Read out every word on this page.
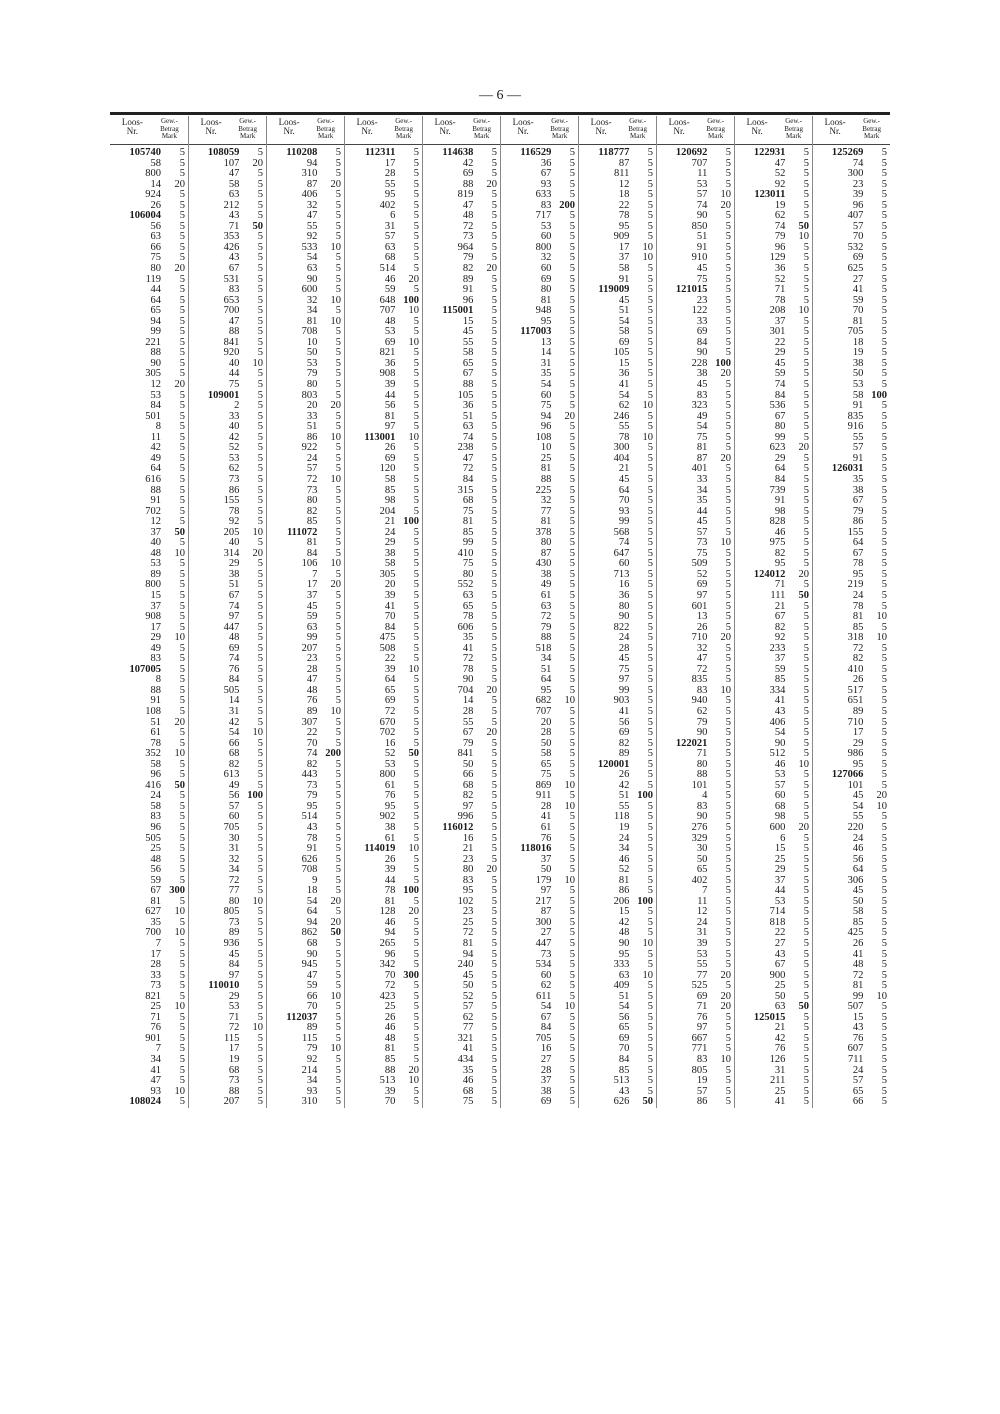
— 6 —
Loos-
Nr.
Gew.-
Betrag
Mark
105740	5
58	5
800	5
14	20
924	5
26	5
106004	5
56	5
63	5
66	5
75	5
80	20
119	5
44	5
64	5
65	5
94	5
99	5
221	5
88	5
90	5
305	5
12	20
53	5
84	5
501	5
8	5
11	5
42	5
49	5
64	5
616	5
88	5
91	5
702	5
12	5
37	50
40	5
48	10
53	5
89	5
800	5
15	5
37	5
908	5
17	5
29	10
49	5
83	5
107005	5
8	5
88	5
91	5
108	5
51	20
61	5
78	5
352	10
58	5
96	5
416	50
24	5
58	5
83	5
96	5
505	5
25	5
48	5
56	5
59	5
67 300
81	5
627	10
35	5
700	10
7	5
17	5
28	5
33	5
73	5
821	5
25	10
71	5
76	5
901	5
7	5
34	5
41	5
47	5
93	10
108024	5
Loos-
Nr.
Gew.-
Betrag
Mark
108059	5
107	20
47	5
58	5
63	5
212	5
43	5
71	50
353	5
426	5
43	5
67	5
531	5
83	5
653	5
700	5
47	5
88	5
841	5
920	5
40	10
44	5
75	5
109001	5
2	5
33	5
40	5
42	5
52	5
53	5
62	5
73	5
86	5
155	5
78	5
92	5
205	10
40	5
314	20
29	5
38	5
51	5
67	5
74	5
97	5
447	5
48	5
69	5
74	5
76	5
84	5
505	5
14	5
31	5
42	5
54	10
66	5
68	5
82	5
613	5
49	5
56 100
57	5
60	5
705	5
30	5
31	5
32	5
34	5
72	5
77	5
80	10
805	5
73	5
89	5
936	5
45	5
84	5
97	5
110010	5
29	5
53	5
71	5
72	10
115	5
17	5
19	5
68	5
73	5
88	5
207	5
Loos-
Nr.
Gew.-
Betrag
Mark
110208	5
94	5
310	5
87	20
406	5
32	5
47	5
55	5
92	5
533	10
54	5
63	5
90	5
600	5
32	10
34	5
81	10
708	5
10	5
50	5
53	5
79	5
80	5
803	5
20	20
33	5
51	5
86	10
922	5
24	5
57	5
72	10
73	5
80	5
82	5
85	5
111072	5
81	5
84	5
106	10
7	5
17	20
37	5
45	5
59	5
63	5
99	5
207	5
23	5
28	5
47	5
48	5
76	5
89	10
307	5
22	5
70	5
74 200
82	5
443	5
73	5
79	5
95	5
514	5
43	5
78	5
91	5
626	5
708	5
9	5
18	5
54	20
64	5
94	20
862	50
68	5
90	5
945	5
47	5
59	5
66	10
70	5
112037	5
89	5
115	5
79	10
92	5
214	5
34	5
93	5
310	5
Loos-
Nr.
Gew.-
Betrag
Mark
112311	5
17	5
28	5
55	5
95	5
402	5
6	5
31	5
57	5
63	5
68	5
514	5
46	20
59	5
648 100
707	10
48	5
53	5
69	10
821	5
36	5
908	5
39	5
44	5
56	5
81	5
97	5
113001	10
26	5
69	5
120	5
58	5
85	5
98	5
204	5
21 100
24	5
29	5
38	5
58	5
305	5
20	5
39	5
41	5
70	5
84	5
475	5
508	5
22	5
39	10
64	5
65	5
69	5
72	5
670	5
702	5
16	5
52	50
53	5
800	5
61	5
76	5
95	5
902	5
38	5
61	5
114019	10
26	5
39	5
44	5
78 100
81	5
128	20
46	5
94	5
265	5
96	5
342	5
70 300
72	5
423	5
25	5
26	5
46	5
48	5
81	5
85	5
88	20
513	10
39	5
70	5
Loos-
Nr.
Gew.-
Betrag
Mark
114638	5
42	5
69	5
88	20
819	5
47	5
48	5
72	5
73	5
964	5
79	5
82	20
89	5
91	5
96	5
115001	5
15	5
45	5
55	5
58	5
65	5
67	5
88	5
105	5
36	5
51	5
63	5
74	5
238	5
47	5
72	5
84	5
315	5
68	5
75	5
81	5
85	5
99	5
410	5
75	5
80	5
552	5
63	5
65	5
78	5
606	5
35	5
41	5
72	5
78	5
90	5
704	20
14	5
28	5
55	5
67	20
79	5
841	5
50	5
66	5
68	5
82	5
97	5
996	5
116012	5
16	5
21	5
23	5
80	20
83	5
95	5
102	5
23	5
25	5
72	5
81	5
94	5
240	5
45	5
50	5
52	5
57	5
62	5
77	5
321	5
41	5
434	5
35	5
46	5
68	5
75	5
Loos-
Nr.
Gew.-
Betrag
Mark
116529	5
36	5
67	5
93	5
633	5
83 200
717	5
53	5
60	5
800	5
32	5
60	5
69	5
80	5
81	5
948	5
95	5
117003	5
13	5
14	5
31	5
35	5
54	5
60	5
75	5
94	20
96	5
108	5
10	5
25	5
81	5
88	5
225	5
32	5
77	5
81	5
378	5
80	5
87	5
430	5
38	5
49	5
61	5
63	5
72	5
79	5
88	5
518	5
34	5
51	5
64	5
95	5
682	10
707	5
20	5
28	5
50	5
58	5
65	5
75	5
869	10
911	5
28	10
41	5
61	5
76	5
118016	5
37	5
50	5
179	10
97	5
217	5
87	5
300	5
27	5
447	5
73	5
534	5
60	5
62	5
611	5
54	10
67	5
84	5
705	5
16	5
27	5
28	5
37	5
38	5
69	5
Loos-
Nr.
Gew.-
Betrag
Mark
118777	5
87	5
811	5
12	5
18	5
22	5
78	5
95	5
909	5
17	10
37	10
58	5
91	5
119009	5
45	5
51	5
54	5
58	5
69	5
105	5
15	5
36	5
41	5
54	5
62	10
246	5
55	5
78	10
300	5
404	5
21	5
45	5
64	5
70	5
93	5
99	5
568	5
74	5
647	5
60	5
713	5
16	5
36	5
80	5
90	5
822	5
24	5
28	5
45	5
75	5
97	5
99	5
903	5
41	5
56	5
69	5
82	5
89	5
120001	5
26	5
42	5
51 100
55	5
118	5
19	5
24	5
34	5
46	5
52	5
81	5
86	5
206 100
15	5
42	5
48	5
90	10
95	5
333	5
63	10
409	5
51	5
54	5
56	5
65	5
69	5
70	5
84	5
85	5
513	5
43	5
626	50
Loos-
Nr.
Gew.-
Betrag
Mark
120692	5
707	5
11	5
53	5
57	10
74	20
90	5
850	5
51	5
91	5
910	5
45	5
75	5
121015	5
23	5
122	5
33	5
69	5
84	5
90	5
228 100
38	20
45	5
83	5
323	5
49	5
54	5
75	5
81	5
87	20
401	5
33	5
34	5
35	5
44	5
45	5
57	5
73	10
75	5
509	5
52	5
69	5
97	5
601	5
13	5
26	5
710	20
32	5
47	5
72	5
835	5
83	10
940	5
62	5
79	5
90	5
122021	5
71	5
80	5
88	5
101	5
4	5
83	5
90	5
276	5
329	5
30	5
50	5
65	5
402	5
7	5
11	5
12	5
24	5
31	5
39	5
53	5
55	5
77	20
525	5
69	20
71	20
76	5
97	5
667	5
771	5
83	10
805	5
19	5
57	5
86	5
Loos-
Nr.
Gew.-
Betrag
Mark
122931	5
47	5
52	5
92	5
123011	5
19	5
62	5
74	50
79	10
96	5
129	5
36	5
52	5
71	5
78	5
208	10
37	5
301	5
22	5
29	5
45	5
59	5
74	5
84	5
536	5
67	5
80	5
99	5
623	20
29	5
64	5
84	5
739	5
91	5
98	5
828	5
46	5
975	5
82	5
95	5
124012	20
71	5
111	50
21	5
67	5
82	5
92	5
233	5
37	5
59	5
85	5
334	5
41	5
43	5
406	5
54	5
90	5
512	5
46	10
53	5
57	5
60	5
68	5
98	5
600	20
6	5
15	5
25	5
29	5
37	5
44	5
53	5
714	5
818	5
22	5
27	5
43	5
67	5
900	5
25	5
50	5
63	50
125015	5
21	5
42	5
76	5
126	5
31	5
211	5
25	5
41	5
Loos-
Nr.
Gew.-
Betrag
Mark
125269	5
74	5
300	5
23	5
39	5
96	5
407	5
57	5
70	5
532	5
69	5
625	5
27	5
41	5
59	5
70	5
81	5
705	5
18	5
19	5
38	5
50	5
53	5
58 100
91	5
835	5
916	5
55	5
57	5
91	5
126031	5
35	5
38	5
67	5
79	5
86	5
155	5
64	5
67	5
78	5
95	5
219	5
24	5
78	5
81	10
85	5
318	10
72	5
82	5
410	5
26	5
517	5
651	5
89	5
710	5
17	5
29	5
986	5
95	5
127066	5
101	5
45	20
54	10
55	5
220	5
24	5
46	5
56	5
64	5
306	5
45	5
50	5
58	5
85	5
425	5
26	5
41	5
48	5
72	5
81	5
99	10
507	5
15	5
43	5
76	5
607	5
711	5
24	5
57	5
65	5
66	5
